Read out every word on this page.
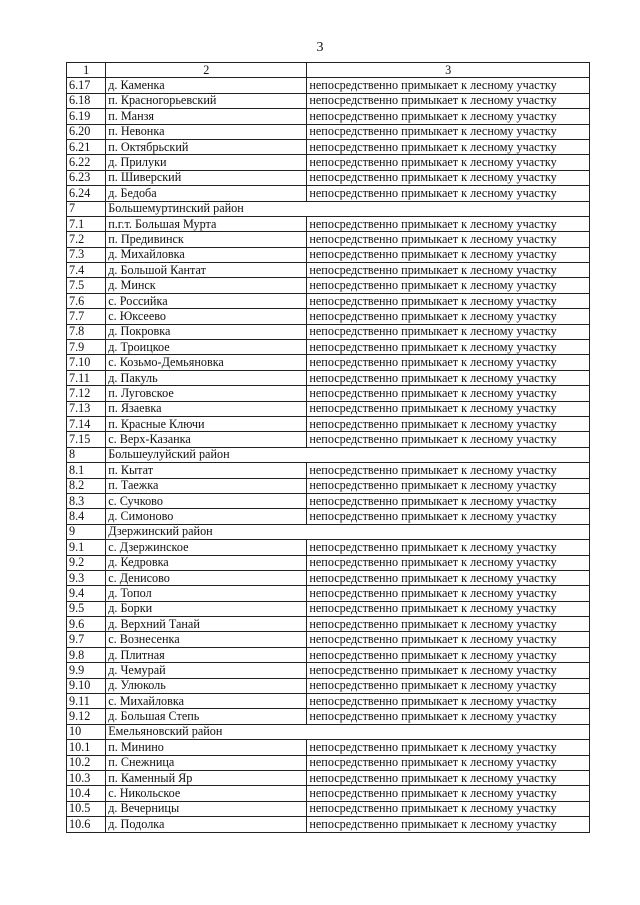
3
1	2	3
6.17	д. Каменка	непосредственно примыкает к лесному участку
6.18	п. Красногорьевский	непосредственно примыкает к лесному участку
6.19	п. Манзя	непосредственно примыкает к лесному участку
6.20	п. Невонка	непосредственно примыкает к лесному участку
6.21	п. Октябрьский	непосредственно примыкает к лесному участку
6.22	д. Прилуки	непосредственно примыкает к лесному участку
6.23	п. Шиверский	непосредственно примыкает к лесному участку
6.24	д. Бедоба	непосредственно примыкает к лесному участку
7	Большемуртинский район	
7.1	п.г.т. Большая Мурта	непосредственно примыкает к лесному участку
7.2	п. Предивинск	непосредственно примыкает к лесному участку
7.3	д. Михайловка	непосредственно примыкает к лесному участку
7.4	д. Большой Кантат	непосредственно примыкает к лесному участку
7.5	д. Минск	непосредственно примыкает к лесному участку
7.6	с. Российка	непосредственно примыкает к лесному участку
7.7	с. Юксеево	непосредственно примыкает к лесному участку
7.8	д. Покровка	непосредственно примыкает к лесному участку
7.9	д. Троицкое	непосредственно примыкает к лесному участку
7.10	с. Козьмо-Демьяновка	непосредственно примыкает к лесному участку
7.11	д. Пакуль	непосредственно примыкает к лесному участку
7.12	п. Луговское	непосредственно примыкает к лесному участку
7.13	п. Язаевка	непосредственно примыкает к лесному участку
7.14	п. Красные Ключи	непосредственно примыкает к лесному участку
7.15	с. Верх-Казанка	непосредственно примыкает к лесному участку
8	Большеулуйский район	
8.1	п. Кытат	непосредственно примыкает к лесному участку
8.2	п. Таежка	непосредственно примыкает к лесному участку
8.3	с. Сучково	непосредственно примыкает к лесному участку
8.4	д. Симоново	непосредственно примыкает к лесному участку
9	Дзержинский район	
9.1	с. Дзержинское	непосредственно примыкает к лесному участку
9.2	д. Кедровка	непосредственно примыкает к лесному участку
9.3	с. Денисово	непосредственно примыкает к лесному участку
9.4	д. Топол	непосредственно примыкает к лесному участку
9.5	д. Борки	непосредственно примыкает к лесному участку
9.6	д. Верхний Танай	непосредственно примыкает к лесному участку
9.7	с. Вознесенка	непосредственно примыкает к лесному участку
9.8	д. Плитная	непосредственно примыкает к лесному участку
9.9	д. Чемурай	непосредственно примыкает к лесному участку
9.10	д. Улюколь	непосредственно примыкает к лесному участку
9.11	с. Михайловка	непосредственно примыкает к лесному участку
9.12	д. Большая Степь	непосредственно примыкает к лесному участку
10	Емельяновский район	
10.1	п. Минино	непосредственно примыкает к лесному участку
10.2	п. Снежница	непосредственно примыкает к лесному участку
10.3	п. Каменный Яр	непосредственно примыкает к лесному участку
10.4	с. Никольское	непосредственно примыкает к лесному участку
10.5	д. Вечерницы	непосредственно примыкает к лесному участку
10.6	д. Подолка	непосредственно примыкает к лесному участку
